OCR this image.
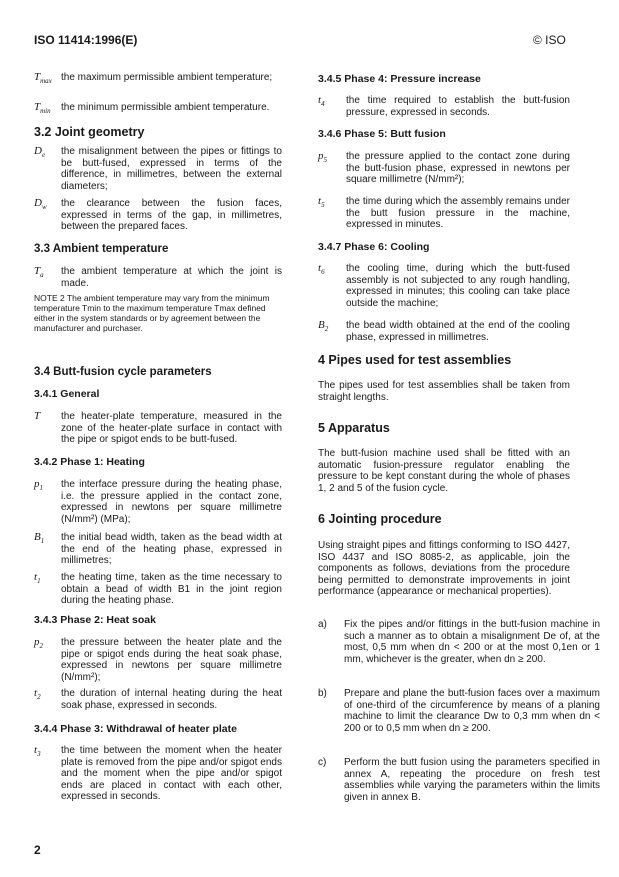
ISO 11414:1996(E)	© ISO
$T_{max}$ the maximum permissible ambient temperature;
$T_{min}$ the minimum permissible ambient temperature.
3.2 Joint geometry
$D_e$ the misalignment between the pipes or fittings to be butt-fused, expressed in terms of the difference, in millimetres, between the external diameters;
$D_w$ the clearance between the fusion faces, expressed in terms of the gap, in millimetres, between the prepared faces.
3.3 Ambient temperature
$T_a$ the ambient temperature at which the joint is made.
NOTE 2 The ambient temperature may vary from the minimum temperature Tmin to the maximum temperature Tmax defined either in the system standards or by agreement between the manufacturer and purchaser.
3.4 Butt-fusion cycle parameters
3.4.1 General
T the heater-plate temperature, measured in the zone of the heater-plate surface in contact with the pipe or spigot ends to be butt-fused.
3.4.2 Phase 1: Heating
$p_1$ the interface pressure during the heating phase, i.e. the pressure applied in the contact zone, expressed in newtons per square millimetre (N/mm²) (MPa);
$B_1$ the initial bead width, taken as the bead width at the end of the heating phase, expressed in millimetres;
$t_1$ the heating time, taken as the time necessary to obtain a bead of width B1 in the joint region during the heating phase.
3.4.3 Phase 2: Heat soak
$p_2$ the pressure between the heater plate and the pipe or spigot ends during the heat soak phase, expressed in newtons per square millimetre (N/mm²);
$t_2$ the duration of internal heating during the heat soak phase, expressed in seconds.
3.4.4 Phase 3: Withdrawal of heater plate
$t_3$ the time between the moment when the heater plate is removed from the pipe and/or spigot ends and the moment when the pipe and/or spigot ends are placed in contact with each other, expressed in seconds.
3.4.5 Phase 4: Pressure increase
$t_4$ the time required to establish the butt-fusion pressure, expressed in seconds.
3.4.6 Phase 5: Butt fusion
$p_5$ the pressure applied to the contact zone during the butt-fusion phase, expressed in newtons per square millimetre (N/mm²);
$t_5$ the time during which the assembly remains under the butt fusion pressure in the machine, expressed in minutes.
3.4.7 Phase 6: Cooling
$t_6$ the cooling time, during which the butt-fused assembly is not subjected to any rough handling, expressed in minutes; this cooling can take place outside the machine;
$B_2$ the bead width obtained at the end of the cooling phase, expressed in millimetres.
4 Pipes used for test assemblies
The pipes used for test assemblies shall be taken from straight lengths.
5 Apparatus
The butt-fusion machine used shall be fitted with an automatic fusion-pressure regulator enabling the pressure to be kept constant during the whole of phases 1, 2 and 5 of the fusion cycle.
6 Jointing procedure
Using straight pipes and fittings conforming to ISO 4427, ISO 4437 and ISO 8085-2, as applicable, join the components as follows, deviations from the procedure being permitted to demonstrate improvements in joint performance (appearance or mechanical properties).
a) Fix the pipes and/or fittings in the butt-fusion machine in such a manner as to obtain a misalignment De of, at the most, 0,5 mm when dn < 200 or at the most 0,1en or 1 mm, whichever is the greater, when dn ≥ 200.
b) Prepare and plane the butt-fusion faces over a maximum of one-third of the circumference by means of a planing machine to limit the clearance Dw to 0,3 mm when dn < 200 or to 0,5 mm when dn ≥ 200.
c) Perform the butt fusion using the parameters specified in annex A, repeating the procedure on fresh test assemblies while varying the parameters within the limits given in annex B.
2
